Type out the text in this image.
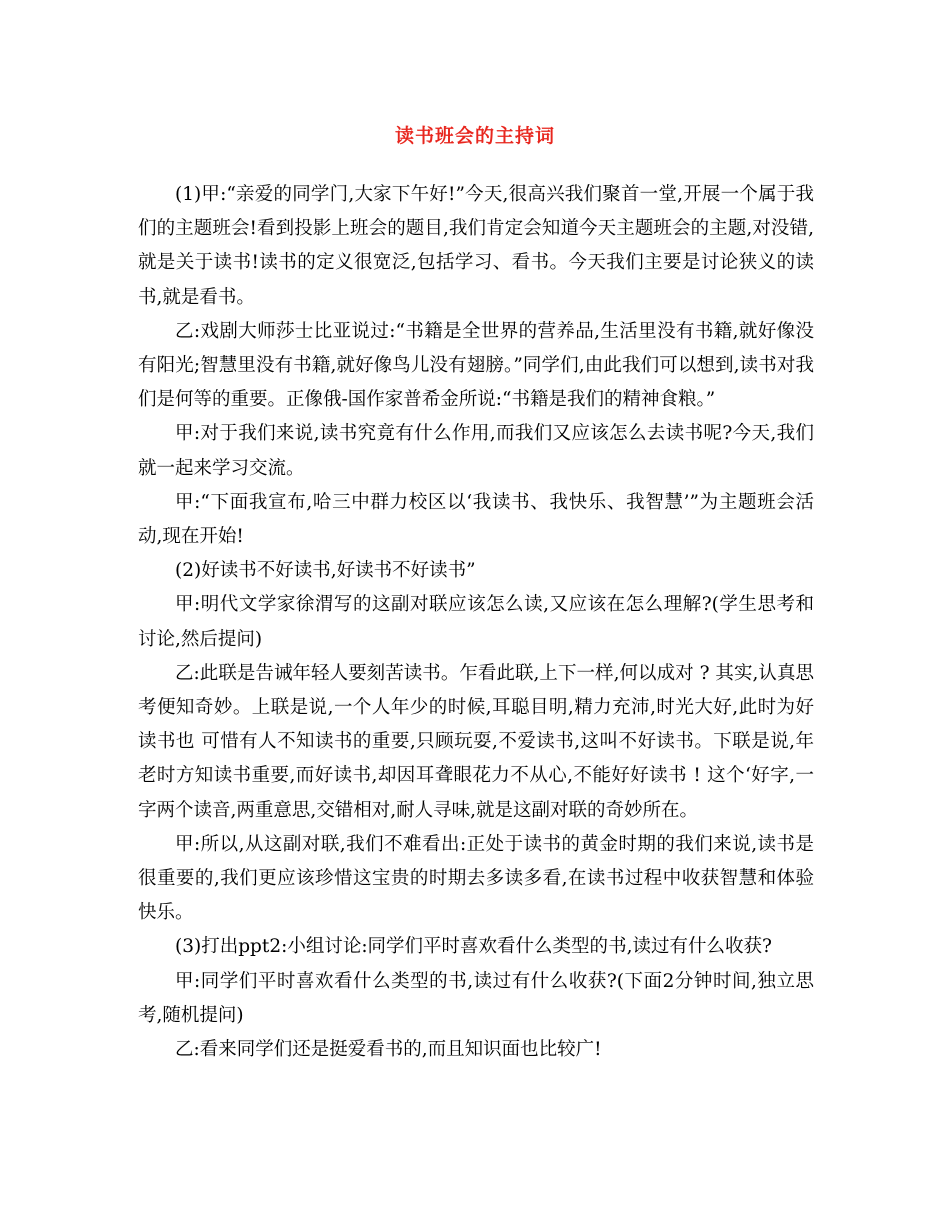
读书班会的主持词

(1)甲:“亲爱的同学门,大家下午好!”今天,很高兴我们聚首一堂,开展一个属于我们的主题班会!看到投影上班会的题目,我们肯定会知道今天主题班会的主题,对没错,就是关于读书!读书的定义很宽泛,包括学习、看书。今天我们主要是讨论狭义的读书,就是看书。

乙:戏剧大师莎士比亚说过:“书籍是全世界的营养品,生活里没有书籍,就好像没有阳光;智慧里没有书籍,就好像鸟儿没有翅膀。”同学们,由此我们可以想到,读书对我们是何等的重要。正像俄-国作家普希金所说:“书籍是我们的精神食粮。”

甲:对于我们来说,读书究竟有什么作用,而我们又应该怎么去读书呢?今天,我们就一起来学习交流。

甲:“下面我宣布,哈三中群力校区以‘我读书、我快乐、我智慧’”为主题班会活动,现在开始!

(2)好读书不好读书,好读书不好读书”

甲:明代文学家徐渭写的这副对联应该怎么读,又应该在怎么理解?(学生思考和讨论,然后提问)

乙:此联是告诫年轻人要刻苦读书。乍看此联,上下一样,何以成对 ? 其实,认真思考便知奇妙。上联是说,一个人年少的时候,耳聪目明,精力充沛,时光大好,此时为好读书也 可惜有人不知读书的重要,只顾玩耍,不爱读书,这叫不好读书。下联是说,年老时方知读书重要,而好读书,却因耳聋眼花力不从心,不能好好读书 ! 这个‘好字,一字两个读音,两重意思,交错相对,耐人寻味,就是这副对联的奇妙所在。

甲:所以,从这副对联,我们不难看出:正处于读书的黄金时期的我们来说,读书是很重要的,我们更应该珍惜这宝贵的时期去多读多看,在读书过程中收获智慧和体验快乐。

(3)打出ppt2:小组讨论:同学们平时喜欢看什么类型的书,读过有什么收获?

甲:同学们平时喜欢看什么类型的书,读过有什么收获?(下面2分钟时间,独立思考,随机提问)

乙:看来同学们还是挺爱看书的,而且知识面也比较广!
